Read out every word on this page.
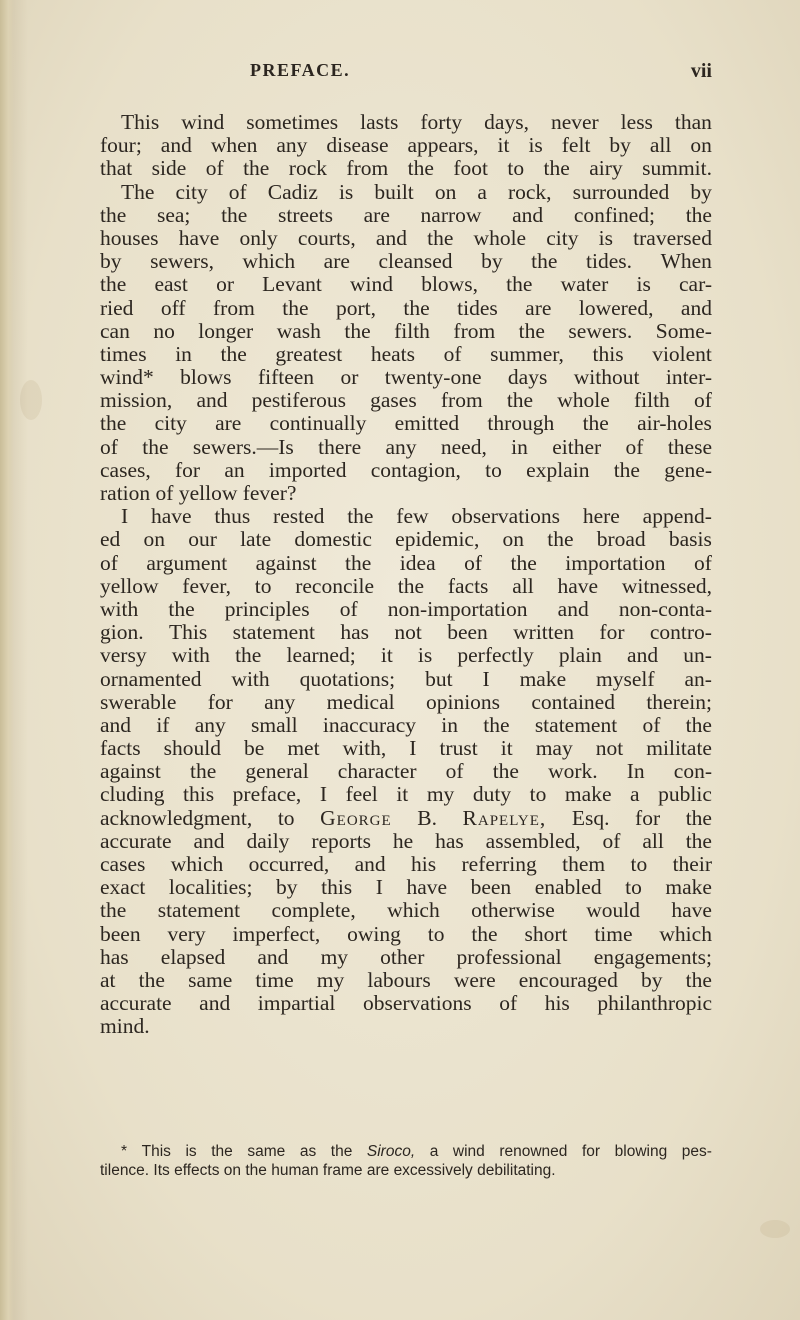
PREFACE.	vii
This wind sometimes lasts forty days, never less than
four; and when any disease appears, it is felt by all on
that side of the rock from the foot to the airy summit.
The city of Cadiz is built on a rock, surrounded by
the sea; the streets are narrow and confined; the
houses have only courts, and the whole city is traversed
by sewers, which are cleansed by the tides. When
the east or Levant wind blows, the water is car-
ried off from the port, the tides are lowered, and
can no longer wash the filth from the sewers. Some-
times in the greatest heats of summer, this violent
wind* blows fifteen or twenty-one days without inter-
mission, and pestiferous gases from the whole filth of
the city are continually emitted through the air-holes
of the sewers.—Is there any need, in either of these
cases, for an imported contagion, to explain the gene-
ration of yellow fever?
I have thus rested the few observations here append-
ed on our late domestic epidemic, on the broad basis
of argument against the idea of the importation of
yellow fever, to reconcile the facts all have witnessed,
with the principles of non-importation and non-conta-
gion. This statement has not been written for contro-
versy with the learned; it is perfectly plain and un-
ornamented with quotations; but I make myself an-
swerable for any medical opinions contained therein;
and if any small inaccuracy in the statement of the
facts should be met with, I trust it may not militate
against the general character of the work. In con-
cluding this preface, I feel it my duty to make a public
acknowledgment, to George B. Rapelye, Esq. for the
accurate and daily reports he has assembled, of all the
cases which occurred, and his referring them to their
exact localities; by this I have been enabled to make
the statement complete, which otherwise would have
been very imperfect, owing to the short time which
has elapsed and my other professional engagements;
at the same time my labours were encouraged by the
accurate and impartial observations of his philanthropic
mind.
* This is the same as the Siroco, a wind renowned for blowing pes-
tilence. Its effects on the human frame are excessively debilitating.
